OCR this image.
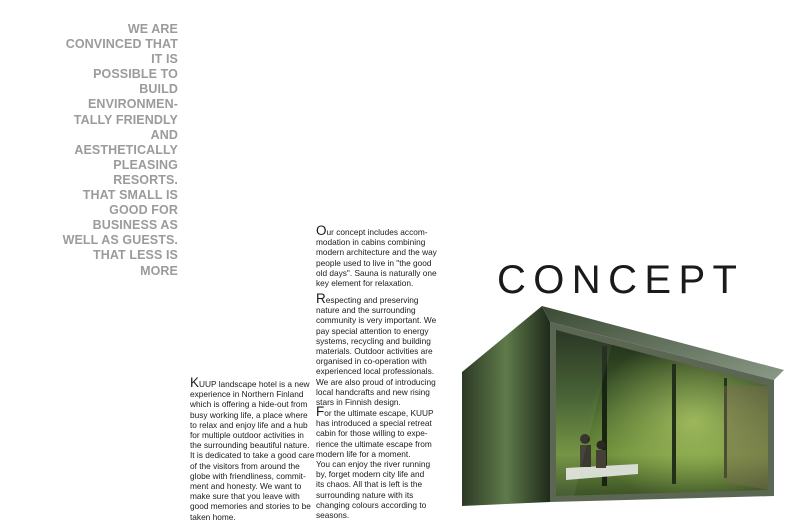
WE ARE
CONVINCED THAT
IT IS
POSSIBLE TO
BUILD
ENVIRONMEN-
TALLY FRIENDLY
AND
AESTHETICALLY
PLEASING
RESORTS.
THAT SMALL IS
GOOD FOR
BUSINESS AS
WELL AS GUESTS.
THAT LESS IS
MORE
KUUP landscape hotel is a new
experience in Northern Finland
which is offering a hide-out from
busy working life, a place where
to relax and enjoy life and a hub
for multiple outdoor activities in
the surrounding beautiful nature.
It is dedicated to take a good care
of the visitors from around the
globe with friendliness, commit-
ment and honesty. We want to
make sure that you leave with
good memories and stories to be
taken home.
Our concept includes accom-
modation in cabins combining
modern architecture and the way
people used to live in "the good
old days". Sauna is naturally one
key element for relaxation.
Respecting and preserving
nature and the surrounding
community is very important. We
pay special attention to energy
systems, recycling and building
materials. Outdoor activities are
organised in co-operation with
experienced local professionals.
We are also proud of introducing
local handcrafts and new rising
stars in Finnish design.
For the ultimate escape, KUUP
has introduced a special retreat
cabin for those willing to expe-
rience the ultimate escape from
modern life for a moment.
You can enjoy the river running
by, forget modern city life and
its chaos. All that is left is the
surrounding nature with its
changing colours according to
seasons.
CONCEPT
